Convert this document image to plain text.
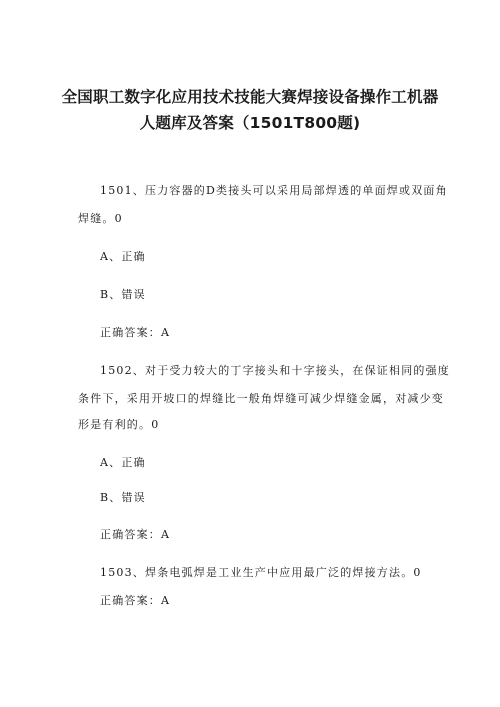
全国职工数字化应用技术技能大赛焊接设备操作工机器
人题库及答案（1501T800题)
1501、压力容器的D类接头可以采用局部焊透的单面焊或双面角
焊缝。0
A、正确
B、错误
正确答案：A
1502、对于受力较大的丁字接头和十字接头，在保证相同的强度
条件下，采用开坡口的焊缝比一般角焊缝可减少焊缝金属，对减少变
形是有利的。0
A、正确
B、错误
正确答案：A
1503、焊条电弧焊是工业生产中应用最广泛的焊接方法。0
正确答案：A
